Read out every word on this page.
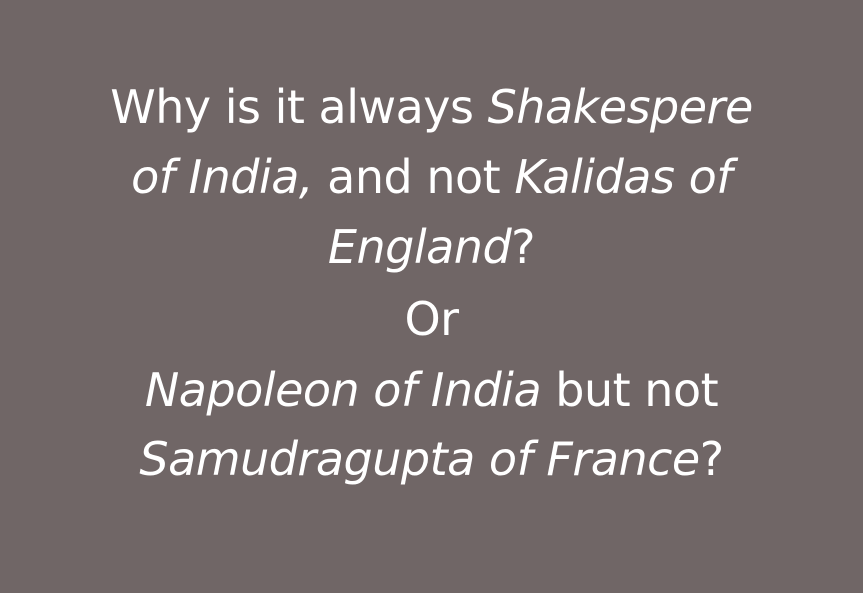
Why is it always Shakespere
of India, and not Kalidas of
England?
Or
Napoleon of India but not
Samudragupta of France?
